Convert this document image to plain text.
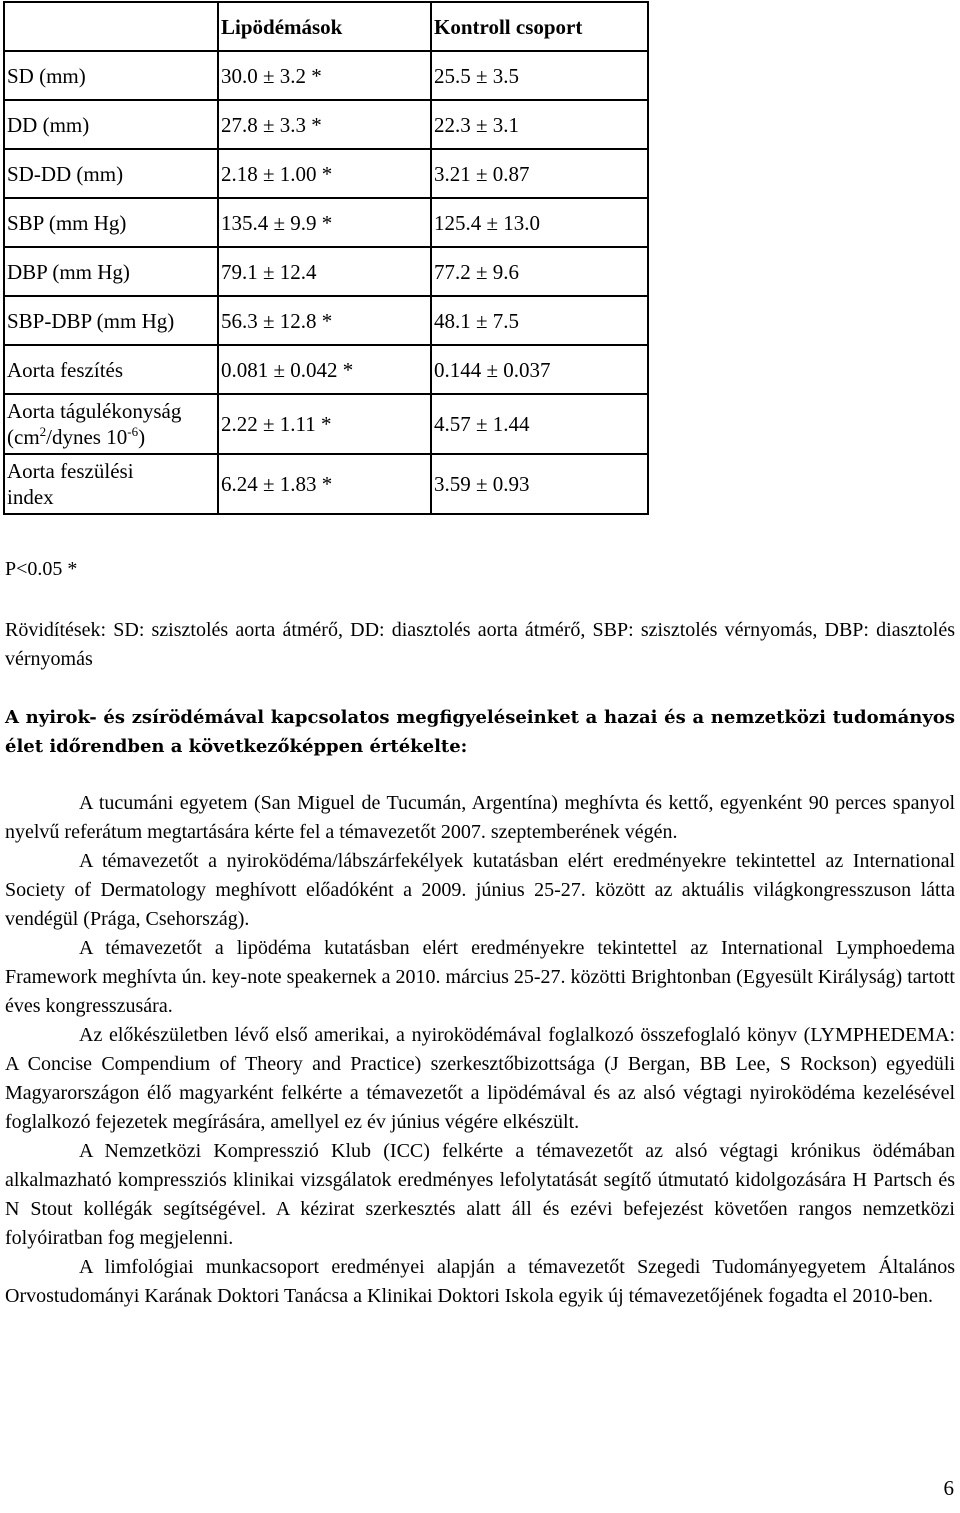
	Lipödémások	Kontroll csoport
SD (mm)	30.0 ± 3.2 *	25.5 ± 3.5
DD (mm)	27.8 ± 3.3 *	22.3 ± 3.1
SD-DD (mm)	2.18 ± 1.00 *	3.21 ± 0.87
SBP (mm Hg)	135.4 ± 9.9 *	125.4 ± 13.0
DBP (mm Hg)	79.1 ± 12.4	77.2 ± 9.6
SBP-DBP (mm Hg)	56.3 ± 12.8 *	48.1 ± 7.5
Aorta feszítés	0.081 ± 0.042 *	0.144 ± 0.037

Aorta tágulékonyság
($cm^2$/dynes $10^{-6}$)	2.22 ± 1.11 *	4.57 ± 1.44

Aorta feszülési
index	6.24 ± 1.83 *	3.59 ± 0.93
P<0.05 *
Rövidítések: SD: szisztolés aorta átmérő, DD: diasztolés aorta átmérő, SBP: szisztolés vérnyomás, DBP: diasztolés vérnyomás
A nyirok- és zsírödémával kapcsolatos megfigyeléseinket a hazai és a nemzetközi tudományos élet időrendben a következőképpen értékelte:

A tucumáni egyetem (San Miguel de Tucumán, Argentína) meghívta és kettő, egyenként 90 perces spanyol nyelvű referátum megtartására kérte fel a témavezetőt 2007. szeptemberének végén.

A témavezetőt a nyiroködéma/lábszárfekélyek kutatásban elért eredményekre tekintettel az International Society of Dermatology meghívott előadóként a 2009. június 25-27. között az aktuális világkongresszuson látta vendégül (Prága, Csehország).

A témavezetőt a lipödéma kutatásban elért eredményekre tekintettel az International Lymphoedema Framework meghívta ún. key-note speakernek a 2010. március 25-27. közötti Brightonban (Egyesült Királyság) tartott éves kongresszusára.

Az előkészületben lévő első amerikai, a nyiroködémával foglalkozó összefoglaló könyv (LYMPHEDEMA: A Concise Compendium of Theory and Practice) szerkesztőbizottsága (J Bergan, BB Lee, S Rockson) egyedüli Magyarországon élő magyarként felkérte a témavezetőt a lipödémával és az alsó végtagi nyiroködéma kezelésével foglalkozó fejezetek megírására, amellyel ez év június végére elkészült.

A Nemzetközi Kompresszió Klub (ICC) felkérte a témavezetőt az alsó végtagi krónikus ödémában alkalmazható kompressziós klinikai vizsgálatok eredményes lefolytatását segítő útmutató kidolgozására H Partsch és N Stout kollégák segítségével. A kézirat szerkesztés alatt áll és ezévi befejezést követően rangos nemzetközi folyóiratban fog megjelenni.

A limfológiai munkacsoport eredményei alapján a témavezetőt Szegedi Tudományegyetem Általános Orvostudományi Karának Doktori Tanácsa a Klinikai Doktori Iskola egyik új témavezetőjének fogadta el 2010-ben.

6
